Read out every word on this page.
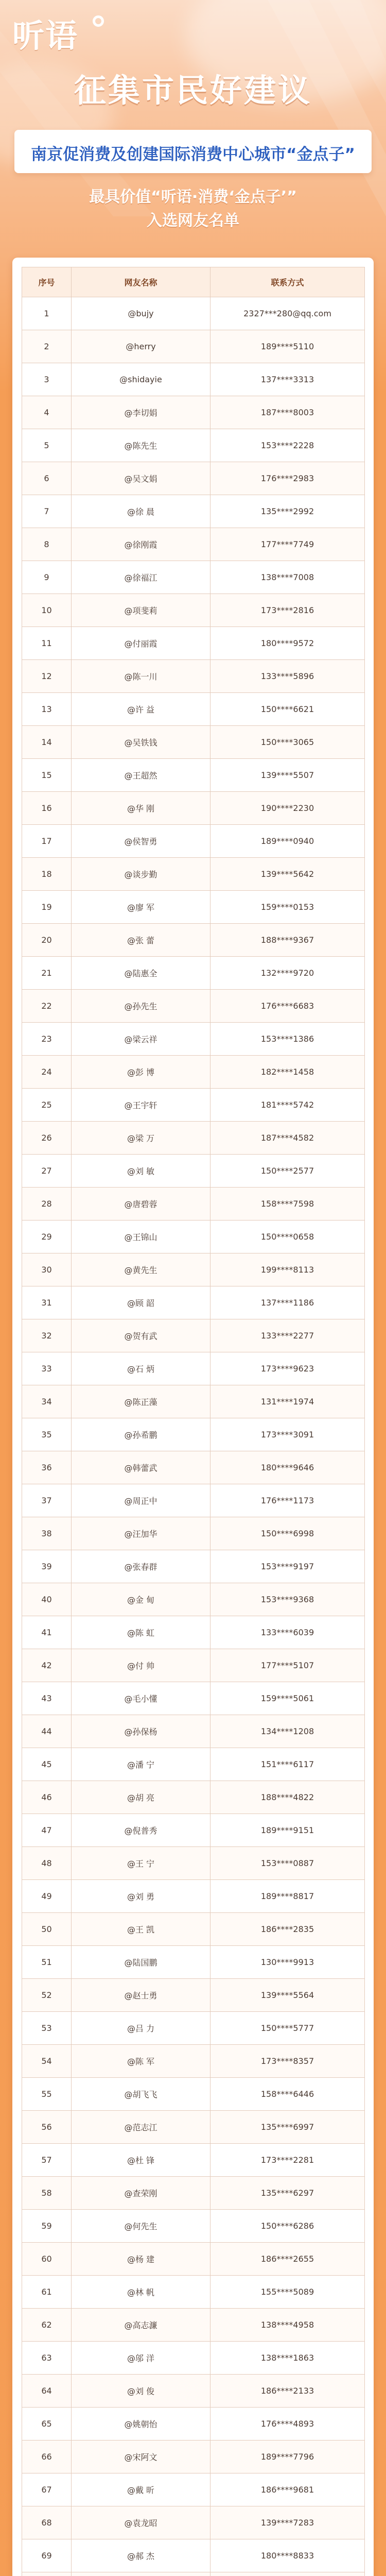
听语
征集市民好建议
南京促消费及创建国际消费中心城市“金点子”
最具价值“听语·消费‘金点子’”
入选网友名单
序号	网友名称	联系方式
1	@bujy	2327***280@qq.com
2	@herry	189****5110
3	@shidayie	137****3313
4	@李切娟	187****8003
5	@陈先生	153****2228
6	@吴文娟	176****2983
7	@徐 晨	135****2992
8	@徐刚霞	177****7749
9	@徐福江	138****7008
10	@项斐莉	173****2816
11	@付丽霞	180****9572
12	@陈一川	133****5896
13	@许 益	150****6621
14	@吴铁钱	150****3065
15	@王超然	139****5507
16	@华 刚	190****2230
17	@侯智勇	189****0940
18	@谈步勤	139****5642
19	@廖 军	159****0153
20	@张 蕾	188****9367
21	@陆惠全	132****9720
22	@孙先生	176****6683
23	@梁云祥	153****1386
24	@彭 博	182****1458
25	@王宇轩	181****5742
26	@梁 万	187****4582
27	@刘 敏	150****2577
28	@唐碧蓉	158****7598
29	@王锦山	150****0658
30	@黄先生	199****8113
31	@顾 韶	137****1186
32	@贺有武	133****2277
33	@石 炳	173****9623
34	@陈正藻	131****1974
35	@孙希鹏	173****3091
36	@韩蕾武	180****9646
37	@周正中	176****1173
38	@汪加华	150****6998
39	@张春群	153****9197
40	@金 甸	153****9368
41	@陈 虹	133****6039
42	@付 帅	177****5107
43	@毛小懂	159****5061
44	@孙保杨	134****1208
45	@潘 宁	151****6117
46	@胡 亮	188****4822
47	@倪普秀	189****9151
48	@王 宁	153****0887
49	@刘 勇	189****8817
50	@王 凯	186****2835
51	@陆国鹏	130****9913
52	@赵士勇	139****5564
53	@吕 力	150****5777
54	@陈 军	173****8357
55	@胡飞飞	158****6446
56	@范志江	135****6997
57	@杜 锋	173****2281
58	@查荣刚	135****6297
59	@何先生	150****6286
60	@杨 建	186****2655
61	@林 帆	155****5089
62	@高志濂	138****4958
63	@邬 洋	138****1863
64	@刘 俊	186****2133
65	@姚朝怡	176****4893
66	@宋阿文	189****7796
67	@戴 昕	186****9681
68	@袁龙昭	139****7283
69	@郝 杰	180****8833
